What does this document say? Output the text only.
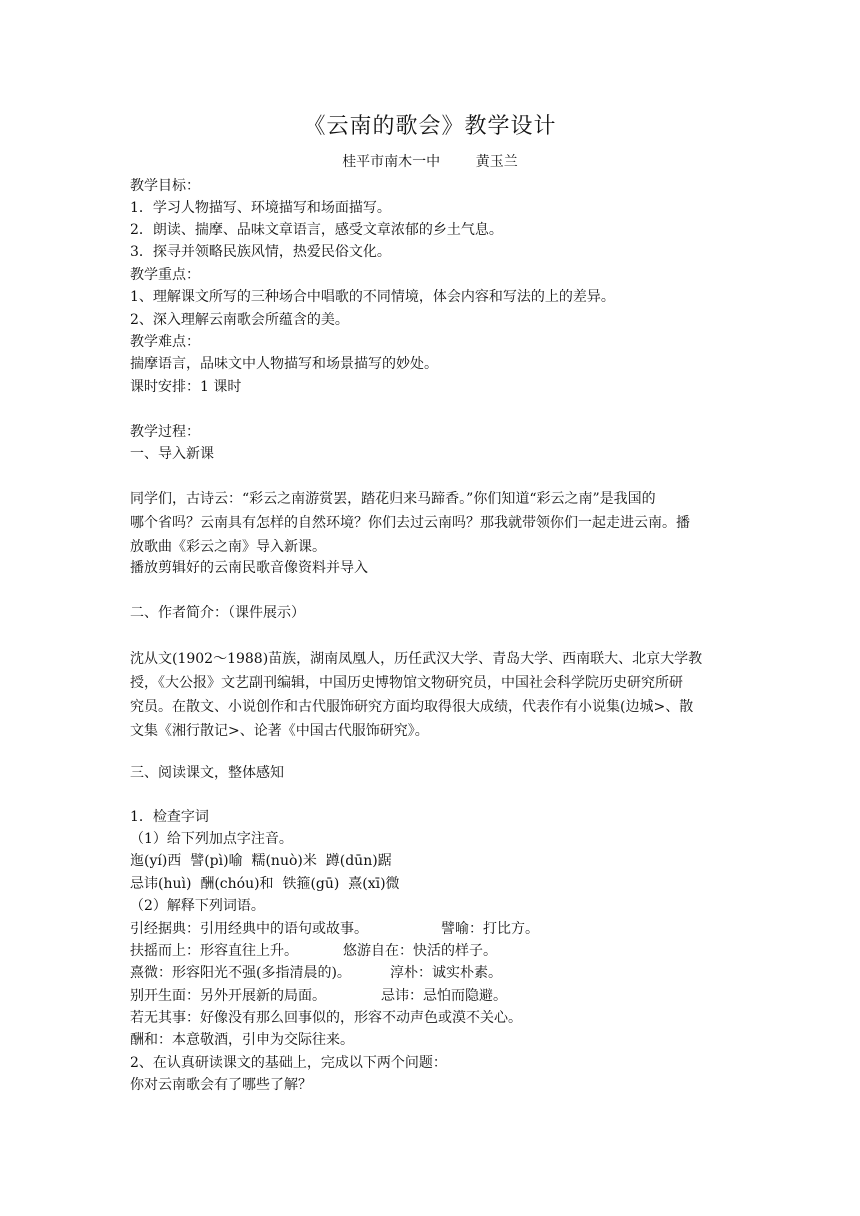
《云南的歌会》教学设计
桂平市南木一中        黄玉兰
教学目标：
1．学习人物描写、环境描写和场面描写。
2．朗读、揣摩、品味文章语言，感受文章浓郁的乡土气息。
3．探寻并领略民族风情，热爱民俗文化。
教学重点：
1、理解课文所写的三种场合中唱歌的不同情境，体会内容和写法的上的差异。
2、深入理解云南歌会所蕴含的美。
教学难点：
揣摩语言，品味文中人物描写和场景描写的妙处。
课时安排：1 课时
教学过程：
一、导入新课
同学们，古诗云：“彩云之南游赏罢，踏花归来马蹄香。”你们知道“彩云之南”是我国的
哪个省吗？云南具有怎样的自然环境？你们去过云南吗？那我就带领你们一起走进云南。播
放歌曲《彩云之南》导入新课。
播放剪辑好的云南民歌音像资料并导入
二、作者简介：（课件展示）
沈从文(1902～1988)苗族，湖南凤凰人，历任武汉大学、青岛大学、西南联大、北京大学教
授，《大公报》文艺副刊编辑，中国历史博物馆文物研究员，中国社会科学院历史研究所研
究员。在散文、小说创作和古代服饰研究方面均取得很大成绩，代表作有小说集(边城>、散
文集《湘行散记>、论著《中国古代服饰研究》。
三、阅读课文，整体感知
1．检查字词
（1）给下列加点字注音。
迤(yí)西  譬(pì)喻  糯(nuò)米  蹲(dūn)踞
忌讳(huì)  酬(chóu)和  铁箍(gū)  熹(xī)微
（2）解释下列词语。
引经据典：引用经典中的语句或故事。	譬喻：打比方。
扶摇而上：形容直往上升。	悠游自在：快活的样子。
熹微：形容阳光不强(多指清晨的)。	淳朴：诚实朴素。
别开生面：另外开展新的局面。	忌讳：忌怕而隐避。
若无其事：好像没有那么回事似的，形容不动声色或漠不关心。
酬和：本意敬酒，引申为交际往来。
2、在认真研读课文的基础上，完成以下两个问题：
你对云南歌会有了哪些了解？
